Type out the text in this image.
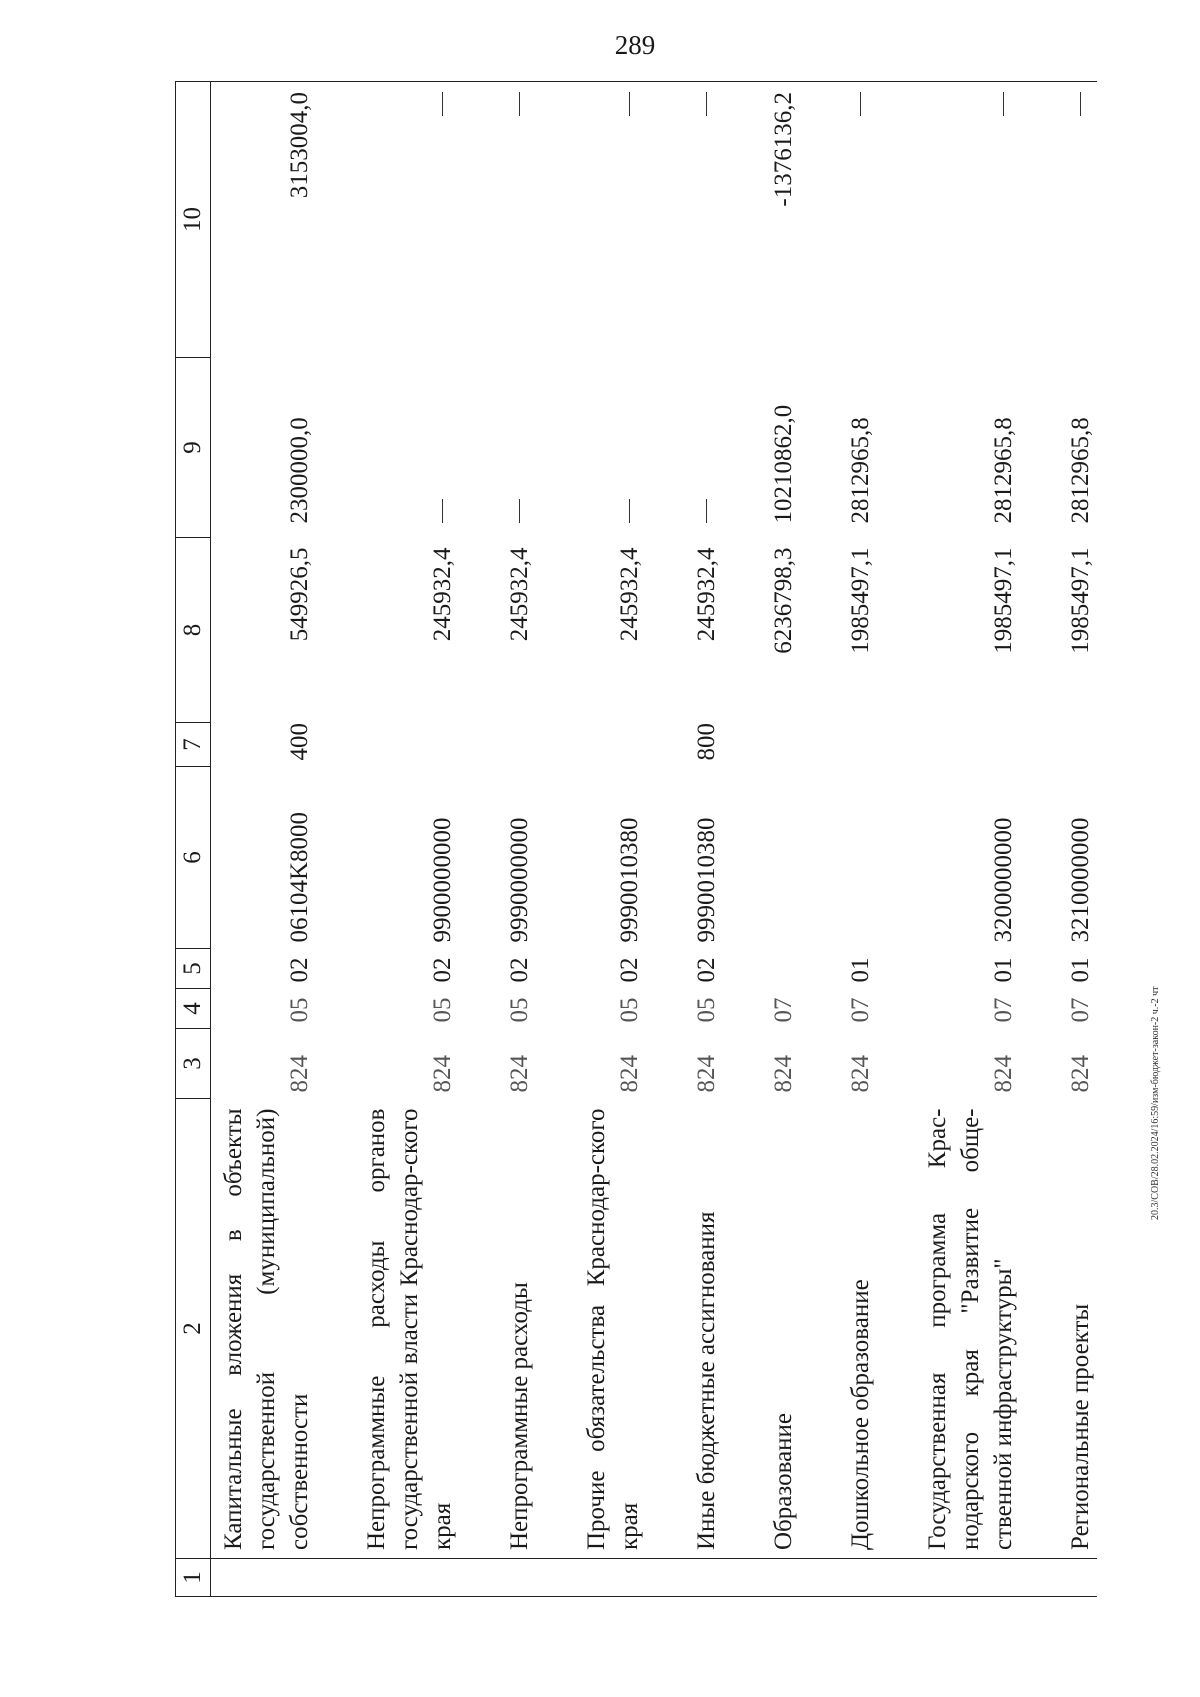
289
1	2	3	4	5	6	7	8	9	10
	Капитальные вложения в объекты государственной (муниципальной) собственности	824	05	02	06104K8000	400	549926,5	2300000,0	3153004,0

	Непрограммные расходы органов государственной власти Краснодар-ского края	824	05	02	9900000000		245932,4		

	Непрограммные расходы	824	05	02	9990000000		245932,4		

	Прочие обязательства Краснодар-ского края	824	05	02	9990010380		245932,4		

	Иные бюджетные ассигнования	824	05	02	9990010380	800	245932,4		

	Образование	824	07				6236798,3	10210862,0	-1376136,2

	Дошкольное образование	824	07	01			1985497,1	2812965,8	

	Государственная программа Крас-нодарского края "Развитие обще-ственной инфраструктуры"	824	07	01	3200000000		1985497,1	2812965,8	

	Региональные проекты	824	07	01	3210000000		1985497,1	2812965,8	
20.3/COB/28.02.2024/16:59/изм-бюджет-закон-2 ч.-2 чт
